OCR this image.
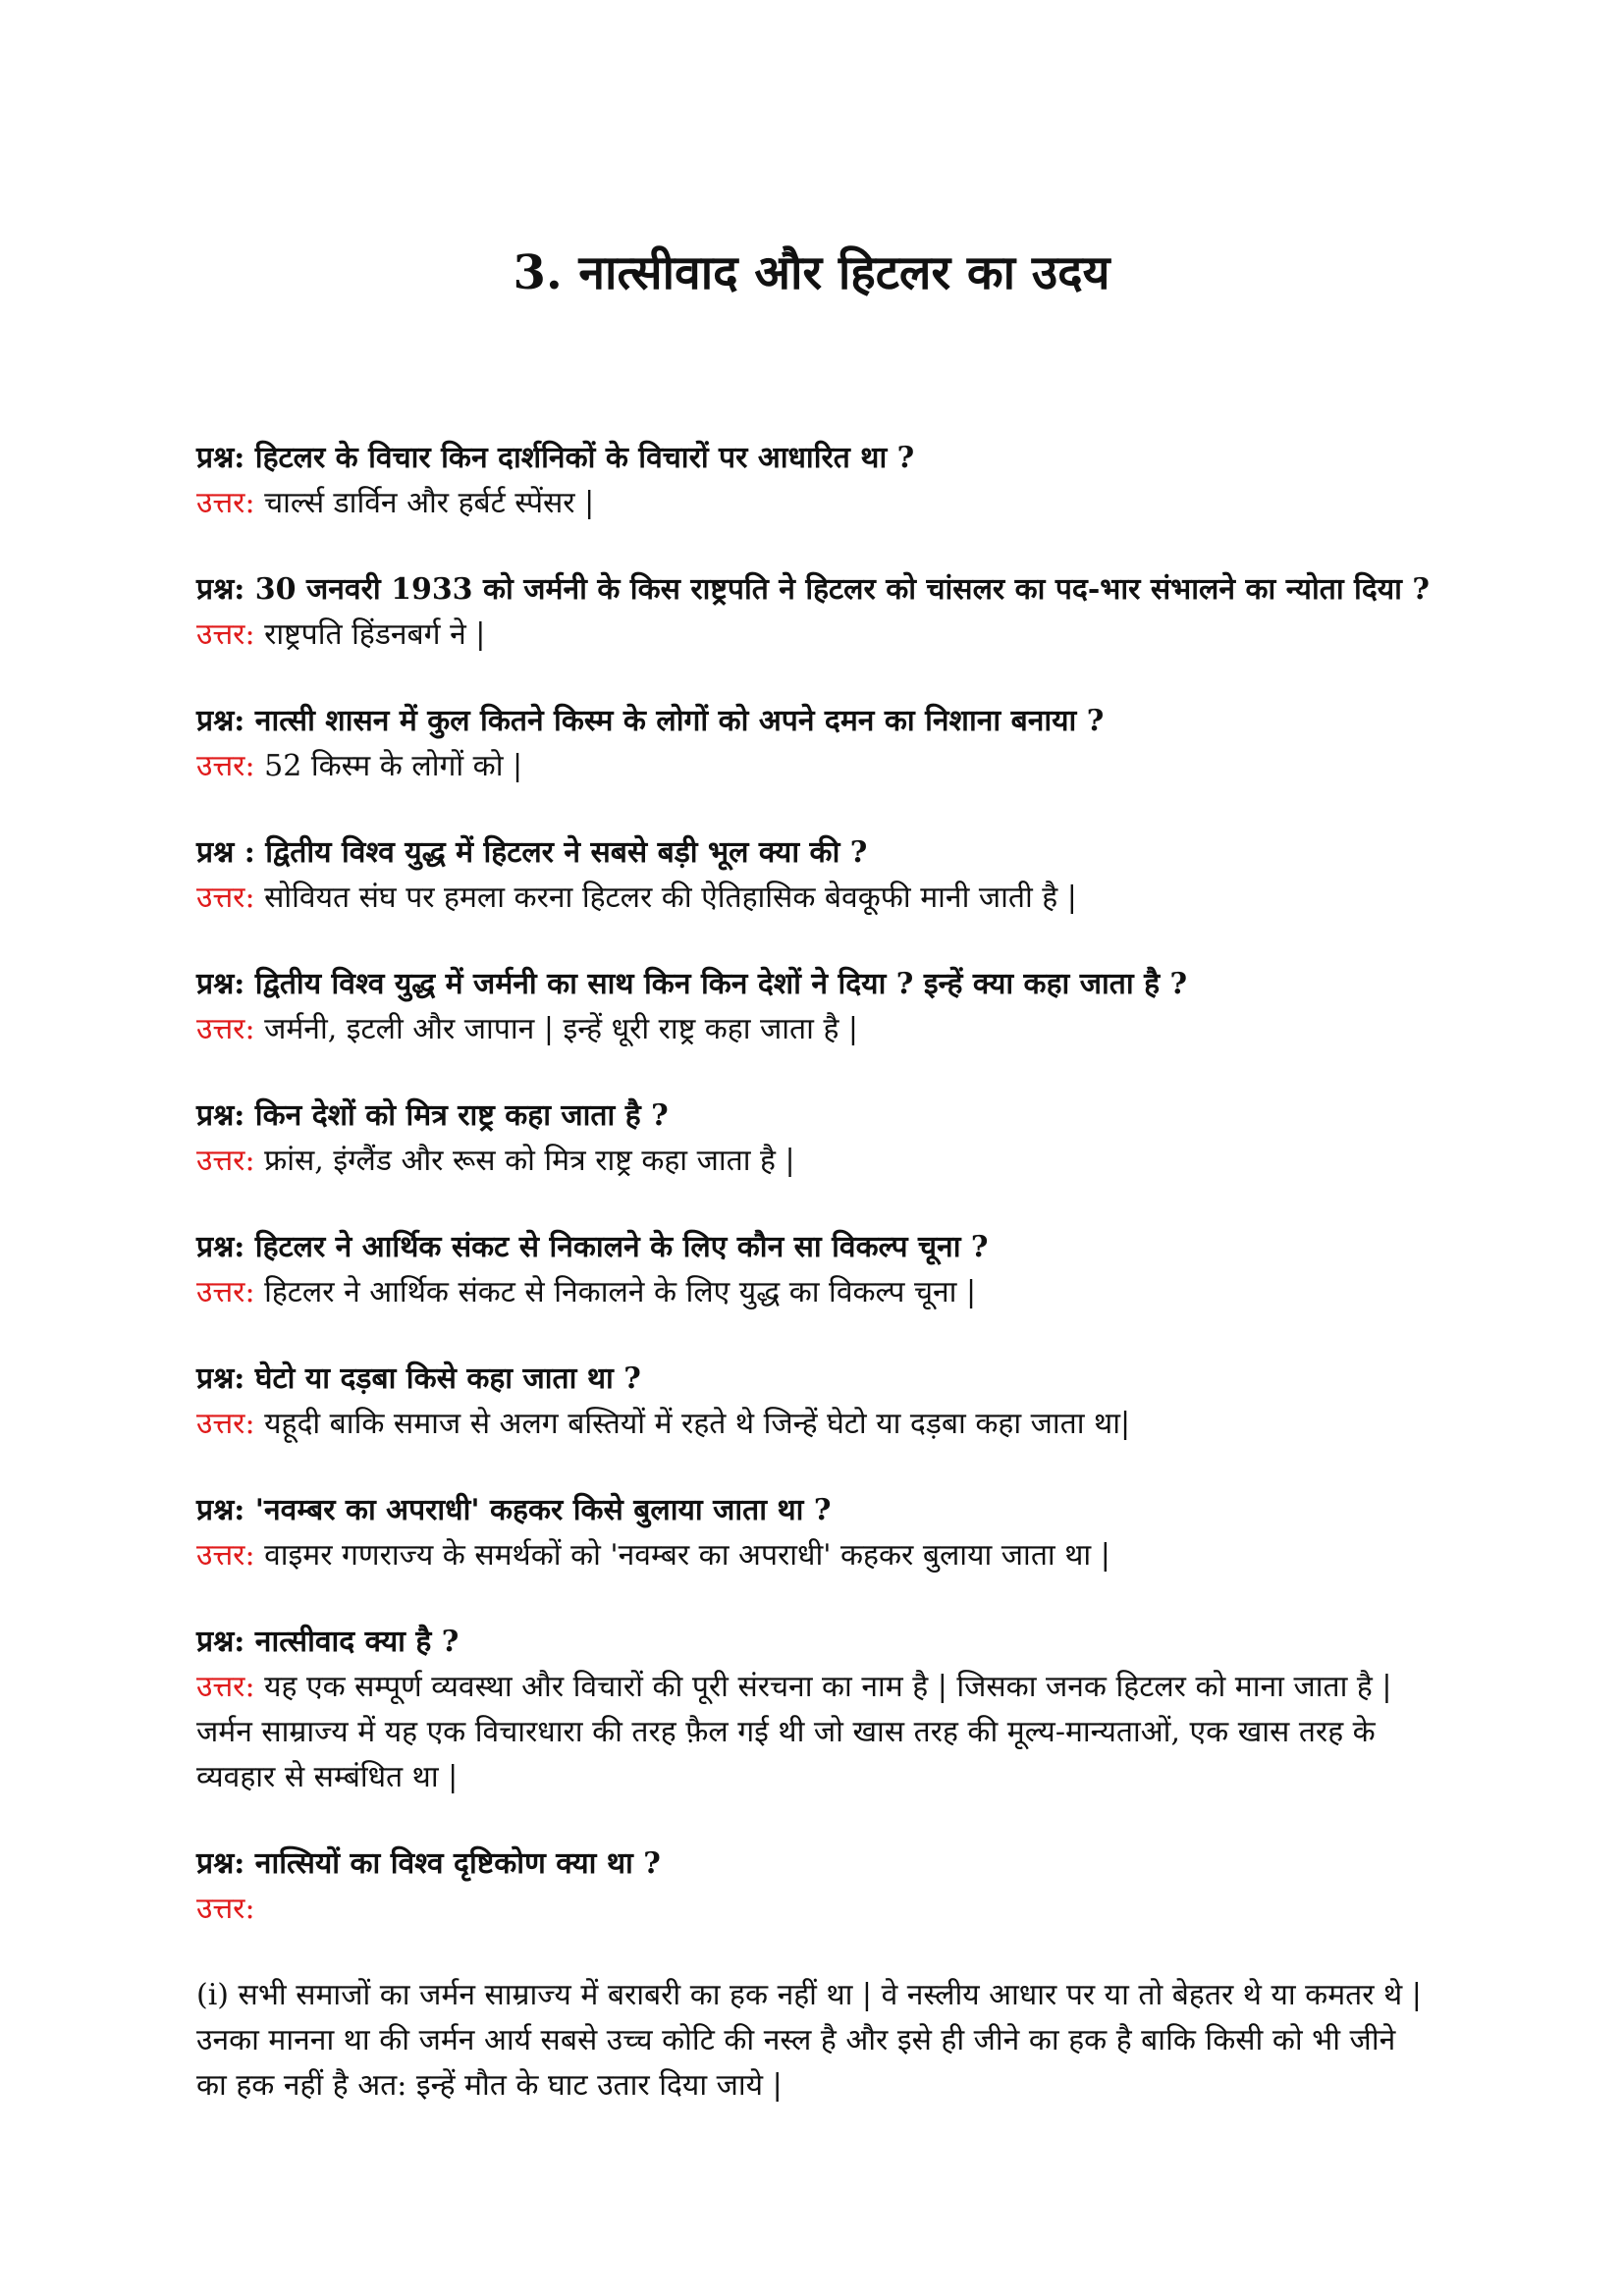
3. नात्सीवाद और हिटलर का उदय

प्रश्न: हिटलर के विचार किन दार्शनिकों के विचारों पर आधारित था ?

उत्तर: चार्ल्स डार्विन और हर्बर्ट स्पेंसर |

प्रश्न: 30 जनवरी 1933 को जर्मनी के किस राष्ट्रपति ने हिटलर को चांसलर का पद-भार संभालने का न्योता दिया ?

उत्तर: राष्ट्रपति हिंडनबर्ग ने |

प्रश्न: नात्सी शासन में कुल कितने किस्म के लोगों को अपने दमन का निशाना बनाया ?

उत्तर: 52 किस्म के लोगों को |

प्रश्न : द्वितीय विश्व युद्ध में हिटलर ने सबसे बड़ी भूल क्या की ?

उत्तर: सोवियत संघ पर हमला करना हिटलर की ऐतिहासिक बेवकूफी मानी जाती है |

प्रश्न: द्वितीय विश्व युद्ध में जर्मनी का साथ किन किन देशों ने दिया ? इन्हें क्या कहा जाता है ?

उत्तर: जर्मनी, इटली और जापान | इन्हें धूरी राष्ट्र कहा जाता है |

प्रश्न: किन देशों को मित्र राष्ट्र कहा जाता है ?

उत्तर: फ्रांस, इंग्लैंड और रूस को मित्र राष्ट्र कहा जाता है |

प्रश्न: हिटलर ने आर्थिक संकट से निकालने के लिए कौन सा विकल्प चूना ?

उत्तर: हिटलर ने आर्थिक संकट से निकालने के लिए युद्ध का विकल्प चूना |

प्रश्न: घेटो या दड़बा किसे कहा जाता था ?

उत्तर: यहूदी बाकि समाज से अलग बस्तियों में रहते थे जिन्हें घेटो या दड़बा कहा जाता था|

प्रश्न: 'नवम्बर का अपराधी' कहकर किसे बुलाया जाता था ?

उत्तर: वाइमर गणराज्य के समर्थकों को 'नवम्बर का अपराधी' कहकर बुलाया जाता था |

प्रश्न: नात्सीवाद क्या है ?

उत्तर: यह एक सम्पूर्ण व्यवस्था और विचारों की पूरी संरचना का नाम है | जिसका जनक हिटलर को माना जाता है | जर्मन साम्राज्य में यह एक विचारधारा की तरह फ़ैल गई थी जो खास तरह की मूल्य-मान्यताओं, एक खास तरह के व्यवहार से सम्बंधित था |

प्रश्न: नात्सियों का विश्व दृष्टिकोण क्या था ?

उत्तर:

(i) सभी समाजों का जर्मन साम्राज्य में बराबरी का हक नहीं था | वे नस्लीय आधार पर या तो बेहतर थे या कमतर थे | उनका मानना था की जर्मन आर्य सबसे उच्च कोटि की नस्ल है और इसे ही जीने का हक है बाकि किसी को भी जीने का हक नहीं है अत: इन्हें मौत के घाट उतार दिया जाये |
